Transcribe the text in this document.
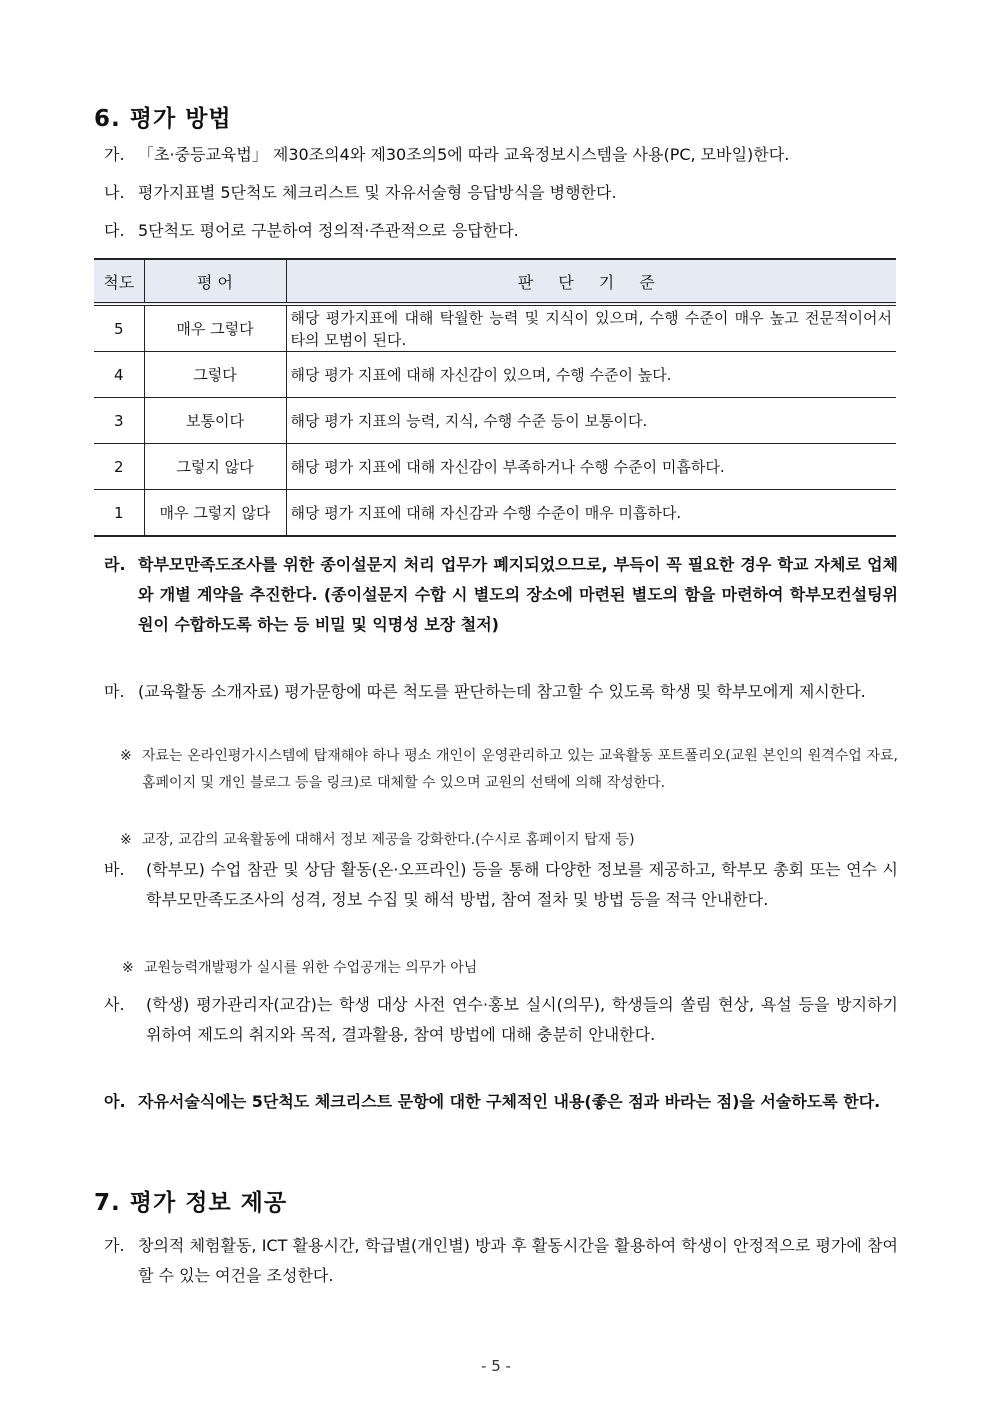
6. 평가 방법
가. 「초·중등교육법」 제30조의4와 제30조의5에 따라 교육정보시스템을 사용(PC, 모바일)한다.
나. 평가지표별 5단척도 체크리스트 및 자유서술형 응답방식을 병행한다.
다. 5단척도 평어로 구분하여 정의적·주관적으로 응답한다.
척도	평 어	판 단 기 준
5	매우 그렇다	해당 평가지표에 대해 탁월한 능력 및 지식이 있으며, 수행 수준이 매우 높고 전문적이어서 타의 모범이 된다.
4	그렇다	해당 평가 지표에 대해 자신감이 있으며, 수행 수준이 높다.
3	보통이다	해당 평가 지표의 능력, 지식, 수행 수준 등이 보통이다.
2	그렇지 않다	해당 평가 지표에 대해 자신감이 부족하거나 수행 수준이 미흡하다.
1	매우 그렇지 않다	해당 평가 지표에 대해 자신감과 수행 수준이 매우 미흡하다.
라. 학부모만족도조사를 위한 종이설문지 처리 업무가 폐지되었으므로, 부득이 꼭 필요한 경우 학교 자체로 업체와 개별 계약을 추진한다. (종이설문지 수합 시 별도의 장소에 마련된 별도의 함을 마련하여 학부모컨설팅위원이 수합하도록 하는 등 비밀 및 익명성 보장 철저)
마. (교육활동 소개자료) 평가문항에 따른 척도를 판단하는데 참고할 수 있도록 학생 및 학부모에게 제시한다.
※ 자료는 온라인평가시스템에 탑재해야 하나 평소 개인이 운영관리하고 있는 교육활동 포트폴리오(교원 본인의 원격수업 자료, 홈페이지 및 개인 블로그 등을 링크)로 대체할 수 있으며 교원의 선택에 의해 작성한다.
※ 교장, 교감의 교육활동에 대해서 정보 제공을 강화한다.(수시로 홈페이지 탑재 등)
바.	(학부모) 수업 참관 및 상담 활동(온·오프라인) 등을 통해 다양한 정보를 제공하고, 학부모 총회 또는 연수 시 학부모만족도조사의 성격, 정보 수집 및 해석 방법, 참여 절차 및 방법 등을 적극 안내한다.
※ 교원능력개발평가 실시를 위한 수업공개는 의무가 아님
사.	(학생) 평가관리자(교감)는 학생 대상 사전 연수·홍보 실시(의무), 학생들의 쏠림 현상, 욕설 등을 방지하기 위하여 제도의 취지와 목적, 결과활용, 참여 방법에 대해 충분히 안내한다.
아. 자유서술식에는 5단척도 체크리스트 문항에 대한 구체적인 내용(좋은 점과 바라는 점)을 서술하도록 한다.
7. 평가 정보 제공
가. 창의적 체험활동, ICT 활용시간, 학급별(개인별) 방과 후 활동시간을 활용하여 학생이 안정적으로 평가에 참여할 수 있는 여건을 조성한다.
- 5 -
